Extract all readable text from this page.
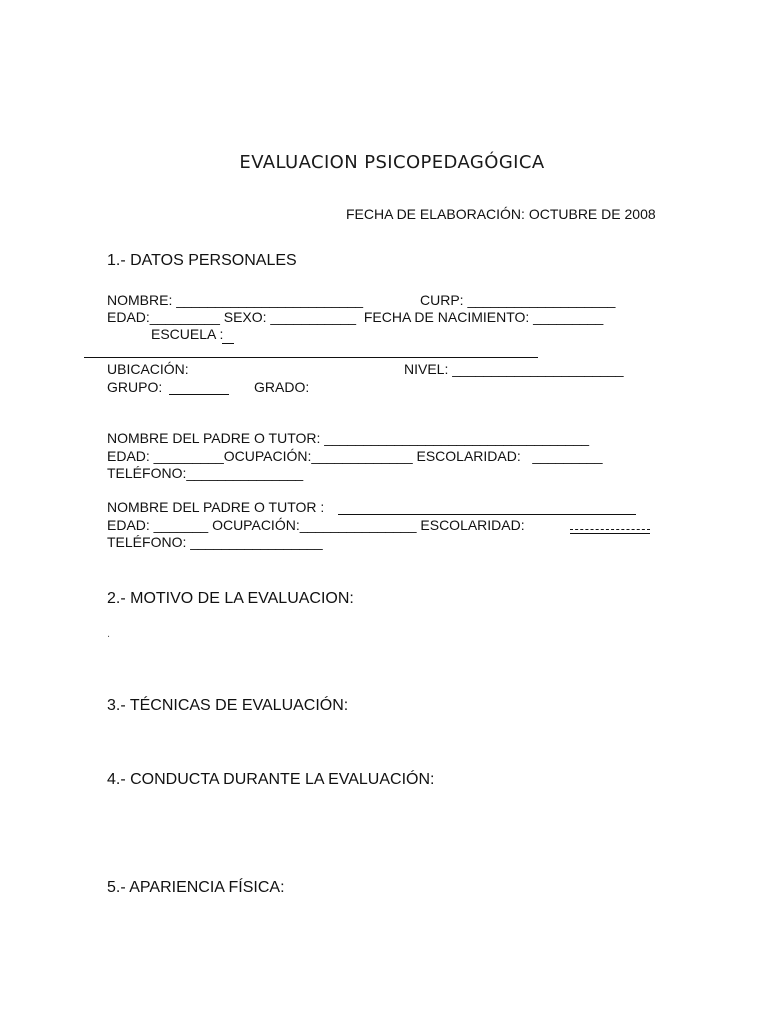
EVALUACION PSICOPEDAGÓGICA
FECHA DE ELABORACIÓN: OCTUBRE DE 2008
1.- DATOS PERSONALES
NOMBRE: ________________________	CURP: ___________________
EDAD:_________ SEXO: ___________  FECHA DE NACIMIENTO: _________
ESCUELA :
UBICACIÓN:	NIVEL: ______________________
GRUPO:	GRADO:
NOMBRE DEL PADRE O TUTOR: __________________________________
EDAD: _________OCUPACIÓN:_____________ ESCOLARIDAD:   _________
TELÉFONO:_______________
NOMBRE DEL PADRE O TUTOR :
EDAD: _______ OCUPACIÓN:_______________ ESCOLARIDAD:
TELÉFONO: _________________
2.- MOTIVO DE LA EVALUACION:
.
3.- TÉCNICAS DE EVALUACIÓN:
4.- CONDUCTA DURANTE LA EVALUACIÓN:
5.- APARIENCIA FÍSICA:
